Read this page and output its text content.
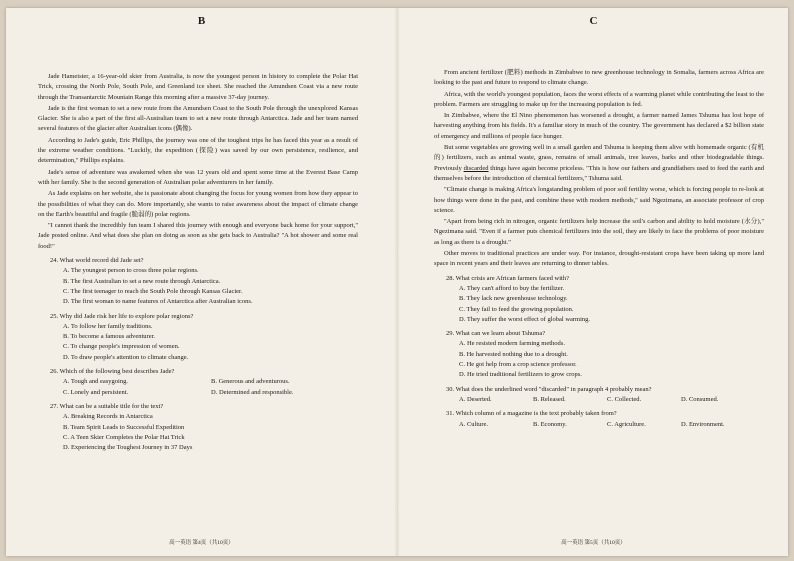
B

Jade Hameister, a 16-year-old skier from Australia, is now the youngest person in history to complete the Polar Hat Trick, crossing the North Pole, South Pole, and Greenland ice sheet. She reached the Amundsen Coast via a new route through the Transantarctic Mountain Range this morning after a massive 37-day journey.

Jade is the first woman to set a new route from the Amundsen Coast to the South Pole through the unexplored Kansas Glacier. She is also a part of the first all-Australian team to set a new route through Antarctica. Jade and her team named several features of the glacier after Australian icons (偶像).

According to Jade's guide, Eric Phillips, the journey was one of the toughest trips he has faced this year as a result of the extreme weather conditions. "Luckily, the expedition (探险) was saved by our own persistence, resilience, and determination," Phillips explains.

Jade's sense of adventure was awakened when she was 12 years old and spent some time at the Everest Base Camp with her family. She is the second generation of Australian polar adventurers in her family.

As Jade explains on her website, she is passionate about changing the focus for young women from how they appear to the possibilities of what they can do. More importantly, she wants to raise awareness about the impact of climate change on the Earth's beautiful and fragile (脆弱的) polar regions.

"I cannot thank the incredibly fun team I shared this journey with enough and everyone back home for your support," Jade posted online. And what does she plan on doing as soon as she gets back to Australia? "A hot shower and some real food!"

24. What world record did Jade set?
A. The youngest person to cross three polar regions.
B. The first Australian to set a new route through Antarctica.
C. The first teenager to reach the South Pole through Kansas Glacier.
D. The first woman to name features of Antarctica after Australian icons.
25. Why did Jade risk her life to explore polar regions?
A. To follow her family traditions.
B. To become a famous adventurer.
C. To change people's impression of women.
D. To draw people's attention to climate change.
26. Which of the following best describes Jade?
A. Tough and easygoing.	B. Generous and adventurous.
C. Lonely and persistent.	D. Determined and responsible.
27. What can be a suitable title for the text?
A. Breaking Records in Antarctica
B. Team Spirit Leads to Successful Expedition
C. A Teen Skier Completes the Polar Hat Trick
D. Experiencing the Toughest Journey in 37 Days
高一英语 第4页（共10页）
C

From ancient fertilizer (肥料) methods in Zimbabwe to new greenhouse technology in Somalia, farmers across Africa are looking to the past and future to respond to climate change.

Africa, with the world's youngest population, faces the worst effects of a warming planet while contributing the least to the problem. Farmers are struggling to make up for the increasing population is fed.

In Zimbabwe, where the El Nino phenomenon has worsened a drought, a farmer named James Tshuma has lost hope of harvesting anything from his fields. It's a familiar story in much of the country. The government has declared a $2 billion state of emergency and millions of people face hunger.

But some vegetables are growing well in a small garden and Tshuma is keeping them alive with homemade organic (有机的) fertilizers, such as animal waste, grass, remains of small animals, tree leaves, barks and other biodegradable things. Previously discarded things have again become priceless. "This is how our fathers and grandfathers used to feed the earth and themselves before the introduction of chemical fertilizers," Tshuma said.

"Climate change is making Africa's longstanding problem of poor soil fertility worse, which is forcing people to re-look at how things were done in the past, and combine these with modern methods," said Ngezimana, an associate professor of crop science.

"Apart from being rich in nitrogen, organic fertilizers help increase the soil's carbon and ability to hold moisture (水分)," Ngezimana said. "Even if a farmer puts chemical fertilizers into the soil, they are likely to face the problems of poor moisture as long as there is a drought."

Other moves to traditional practices are under way. For instance, drought-resistant crops have been taking up more land space in recent years and their leaves are returning to dinner tables.

28. What crisis are African farmers faced with?
A. They can't afford to buy the fertilizer.
B. They lack new greenhouse technology.
C. They fail to feed the growing population.
D. They suffer the worst effect of global warming.
29. What can we learn about Tshuma?
A. He resisted modern farming methods.
B. He harvested nothing due to a drought.
C. He got help from a crop science professor.
D. He tried traditional fertilizers to grow crops.
30. What does the underlined word "discarded" in paragraph 4 probably mean?
A. Deserted.	B. Released.	C. Collected.	D. Consumed.
31. Which column of a magazine is the text probably taken from?
A. Culture.	B. Economy.	C. Agriculture.	D. Environment.
高一英语 第5页（共10页）
